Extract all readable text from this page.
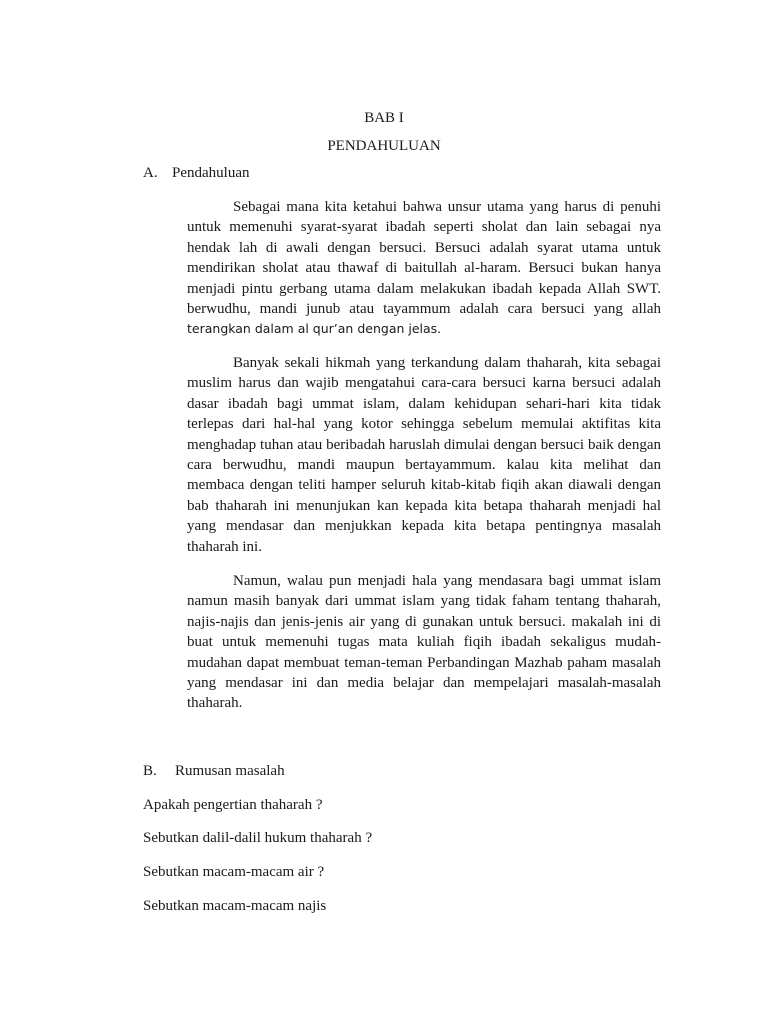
BAB I

PENDAHULUAN

A. Pendahuluan

Sebagai mana kita ketahui bahwa unsur utama yang harus di penuhi untuk memenuhi syarat-syarat ibadah seperti sholat dan lain sebagai nya hendak lah di awali dengan bersuci. Bersuci adalah syarat utama untuk mendirikan sholat atau thawaf di baitullah al-haram. Bersuci bukan hanya menjadi pintu gerbang utama dalam melakukan ibadah kepada Allah SWT. berwudhu, mandi junub atau tayammum adalah cara bersuci yang allah terangkan dalam al qur’an dengan jelas.

Banyak sekali hikmah yang terkandung dalam thaharah, kita sebagai muslim harus dan wajib mengatahui cara-cara bersuci karna bersuci adalah dasar ibadah bagi ummat islam, dalam kehidupan sehari-hari kita tidak terlepas dari hal-hal yang kotor sehingga sebelum memulai aktifitas kita menghadap tuhan atau beribadah haruslah dimulai dengan bersuci baik dengan cara berwudhu, mandi maupun bertayammum. kalau kita melihat dan membaca dengan teliti hamper seluruh kitab-kitab fiqih akan diawali dengan bab thaharah ini menunjukan kan kepada kita betapa thaharah menjadi hal yang mendasar dan menjukkan kepada kita betapa pentingnya masalah thaharah ini.

Namun, walau pun menjadi hala yang mendasara bagi ummat islam namun masih banyak dari ummat islam yang tidak faham tentang thaharah, najis-najis dan jenis-jenis air yang di gunakan untuk bersuci. makalah ini di buat untuk memenuhi tugas mata kuliah fiqih ibadah sekaligus mudah-mudahan dapat membuat teman-teman Perbandingan Mazhab paham masalah yang mendasar ini dan media belajar dan mempelajari masalah-masalah thaharah.

B. Rumusan masalah

Apakah pengertian thaharah ?

Sebutkan dalil-dalil hukum thaharah ?

Sebutkan macam-macam air ?

Sebutkan macam-macam najis
